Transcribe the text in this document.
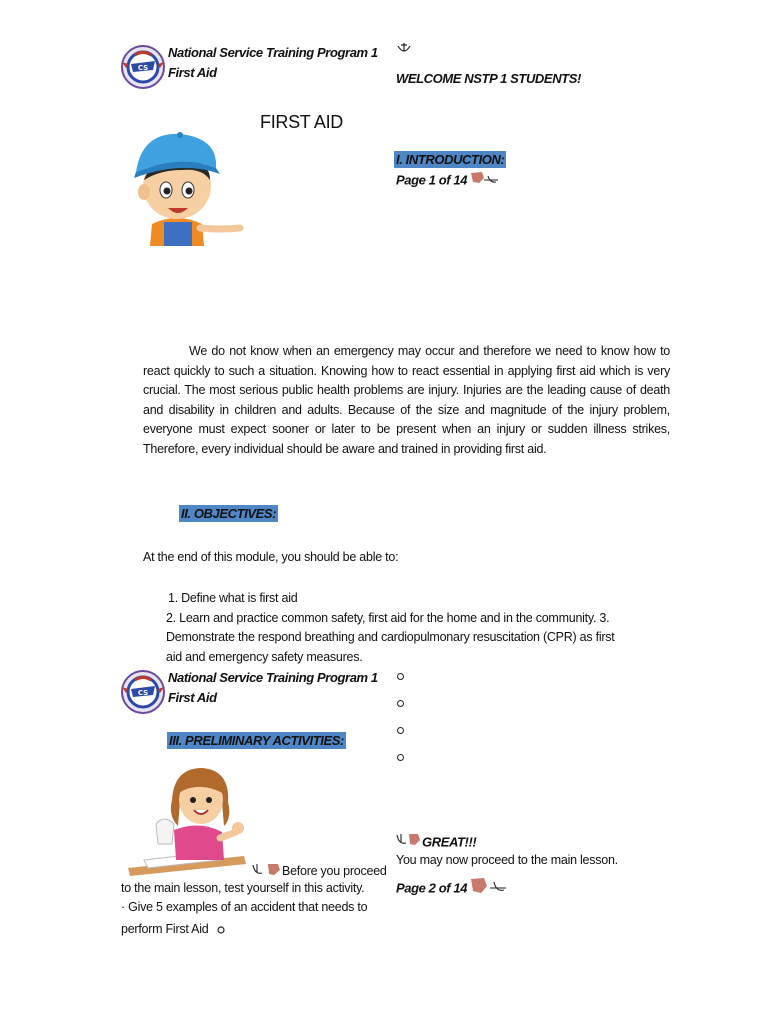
CS
National Service Training Program 1
First Aid	WELCOME NSTP 1 STUDENTS!
FIRST AID
I. INTRODUCTION:
Page 1 of 14
We do not know when an emergency may occur and therefore we need to know how to react quickly to such a situation. Knowing how to react essential in applying first aid which is very crucial. The most serious public health problems are injury. Injuries are the leading cause of death and disability in children and adults. Because of the size and magnitude of the injury problem, everyone must expect sooner or later to be present when an injury or sudden illness strikes, Therefore, every individual should be aware and trained in providing first aid.
II. OBJECTIVES:
At the end of this module, you should be able to:
1. Define what is first aid
2. Learn and practice common safety, first aid for the home and in the community. 3.
Demonstrate the respond breathing and cardiopulmonary resuscitation (CPR) as first
aid and emergency safety measures.
CS
National Service Training Program 1
First Aid
III. PRELIMINARY ACTIVITIES:
Before you proceed
to the main lesson, test yourself in this activity.
· Give 5 examples of an accident that needs to
perform First Aid
GREAT!!!
You may now proceed to the main lesson.
Page 2 of 14
